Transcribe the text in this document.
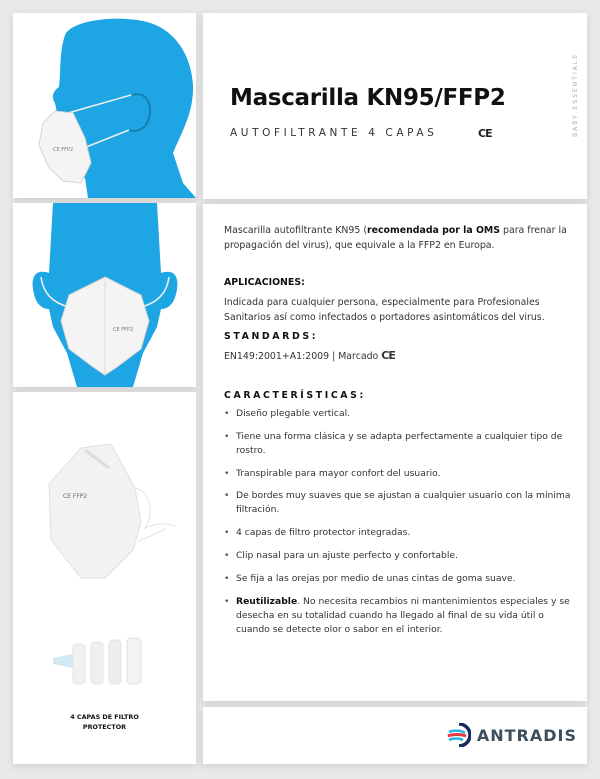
CE FFP2
CE FFP2
CE FFP2
4 CAPAS DE FILTRO
PROTECTOR
Mascarilla KN95/FFP2
AUTOFILTRANTE 4 CAPAS	CE	BABY ESSENTIALS
Mascarilla autofiltrante KN95 (recomendada por la OMS para frenar la propagación del virus), que equivale a la FFP2 en Europa.
APLICACIONES:
Indicada para cualquier persona, especialmente para Profesionales Sanitarios así como infectados o portadores asintomáticos del virus.
STANDARDS:
EN149:2001+A1:2009 | Marcado CE
CARACTERÍSTICAS:
• Diseño plegable vertical.
• Tiene una forma clásica y se adapta perfectamente a cualquier tipo de rostro.
• Transpirable para mayor confort del usuario.
• De bordes muy suaves que se ajustan a cualquier usuario con la mínima filtración.
• 4 capas de filtro protector integradas.
• Clip nasal para un ajuste perfecto y confortable.
• Se fija a las orejas por medio de unas cintas de goma suave.
• Reutilizable. No necesita recambios ni mantenimientos especiales y se desecha en su totalidad cuando ha llegado al final de su vida útil o cuando se detecte olor o sabor en el interior.
ANTRADIS
